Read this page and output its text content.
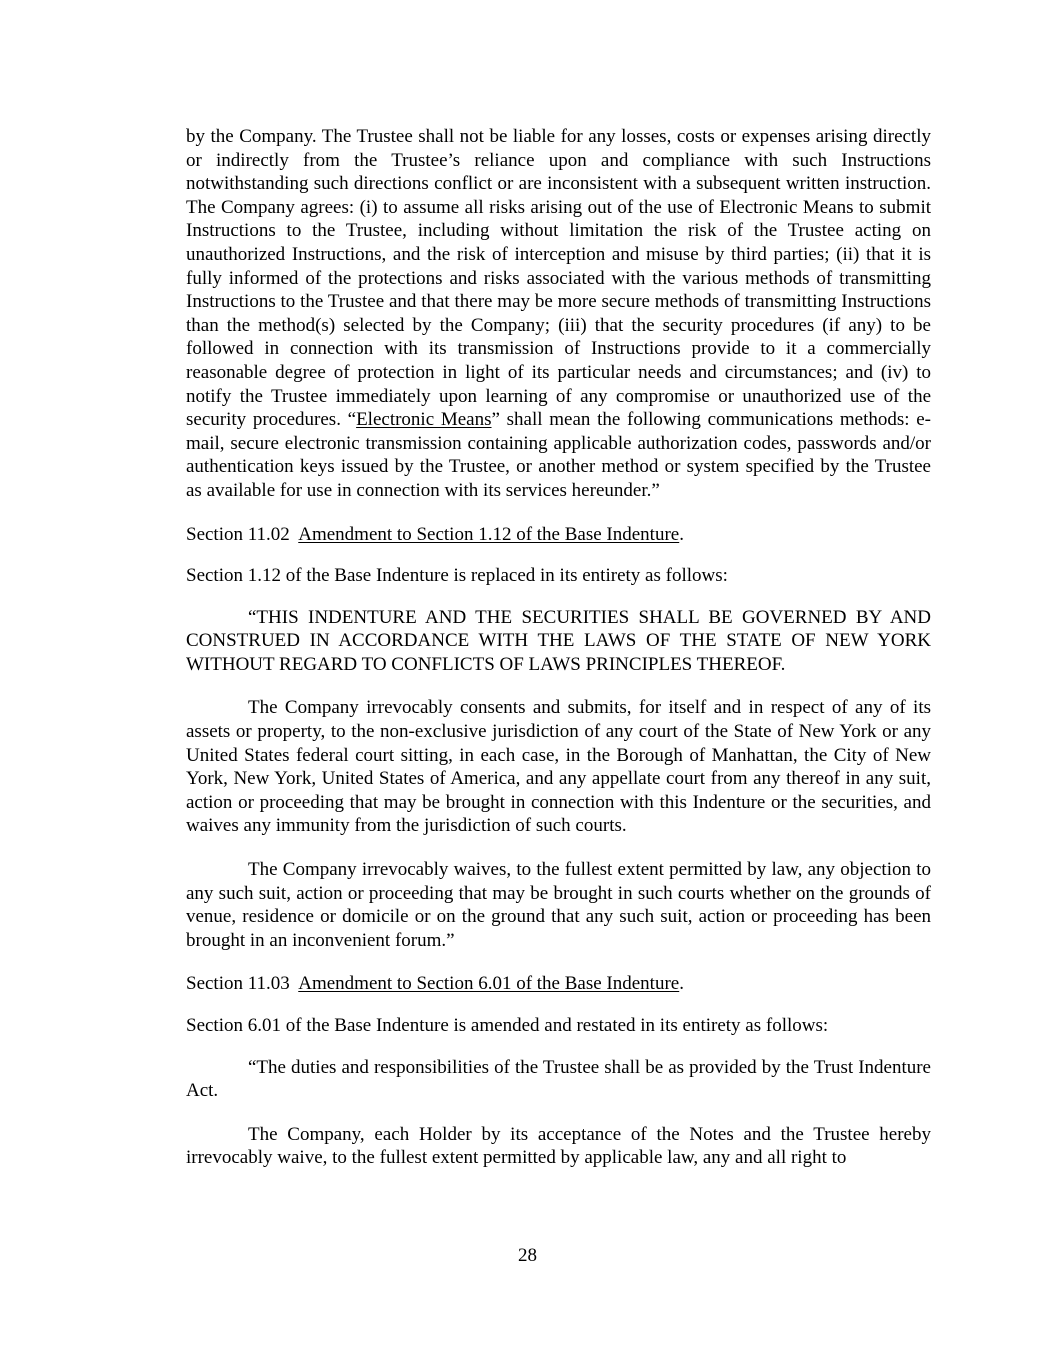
by the Company. The Trustee shall not be liable for any losses, costs or expenses arising directly or indirectly from the Trustee’s reliance upon and compliance with such Instructions notwithstanding such directions conflict or are inconsistent with a subsequent written instruction. The Company agrees: (i) to assume all risks arising out of the use of Electronic Means to submit Instructions to the Trustee, including without limitation the risk of the Trustee acting on unauthorized Instructions, and the risk of interception and misuse by third parties; (ii) that it is fully informed of the protections and risks associated with the various methods of transmitting Instructions to the Trustee and that there may be more secure methods of transmitting Instructions than the method(s) selected by the Company; (iii) that the security procedures (if any) to be followed in connection with its transmission of Instructions provide to it a commercially reasonable degree of protection in light of its particular needs and circumstances; and (iv) to notify the Trustee immediately upon learning of any compromise or unauthorized use of the security procedures. “Electronic Means” shall mean the following communications methods: e-mail, secure electronic transmission containing applicable authorization codes, passwords and/or authentication keys issued by the Trustee, or another method or system specified by the Trustee as available for use in connection with its services hereunder.”

Section 11.02  Amendment to Section 1.12 of the Base Indenture.

Section 1.12 of the Base Indenture is replaced in its entirety as follows:

“THIS INDENTURE AND THE SECURITIES SHALL BE GOVERNED BY AND CONSTRUED IN ACCORDANCE WITH THE LAWS OF THE STATE OF NEW YORK WITHOUT REGARD TO CONFLICTS OF LAWS PRINCIPLES THEREOF.

The Company irrevocably consents and submits, for itself and in respect of any of its assets or property, to the non-exclusive jurisdiction of any court of the State of New York or any United States federal court sitting, in each case, in the Borough of Manhattan, the City of New York, New York, United States of America, and any appellate court from any thereof in any suit, action or proceeding that may be brought in connection with this Indenture or the securities, and waives any immunity from the jurisdiction of such courts.

The Company irrevocably waives, to the fullest extent permitted by law, any objection to any such suit, action or proceeding that may be brought in such courts whether on the grounds of venue, residence or domicile or on the ground that any such suit, action or proceeding has been brought in an inconvenient forum.”

Section 11.03  Amendment to Section 6.01 of the Base Indenture.

Section 6.01 of the Base Indenture is amended and restated in its entirety as follows:

“The duties and responsibilities of the Trustee shall be as provided by the Trust Indenture Act.

The Company, each Holder by its acceptance of the Notes and the Trustee hereby irrevocably waive, to the fullest extent permitted by applicable law, any and all right to

28
